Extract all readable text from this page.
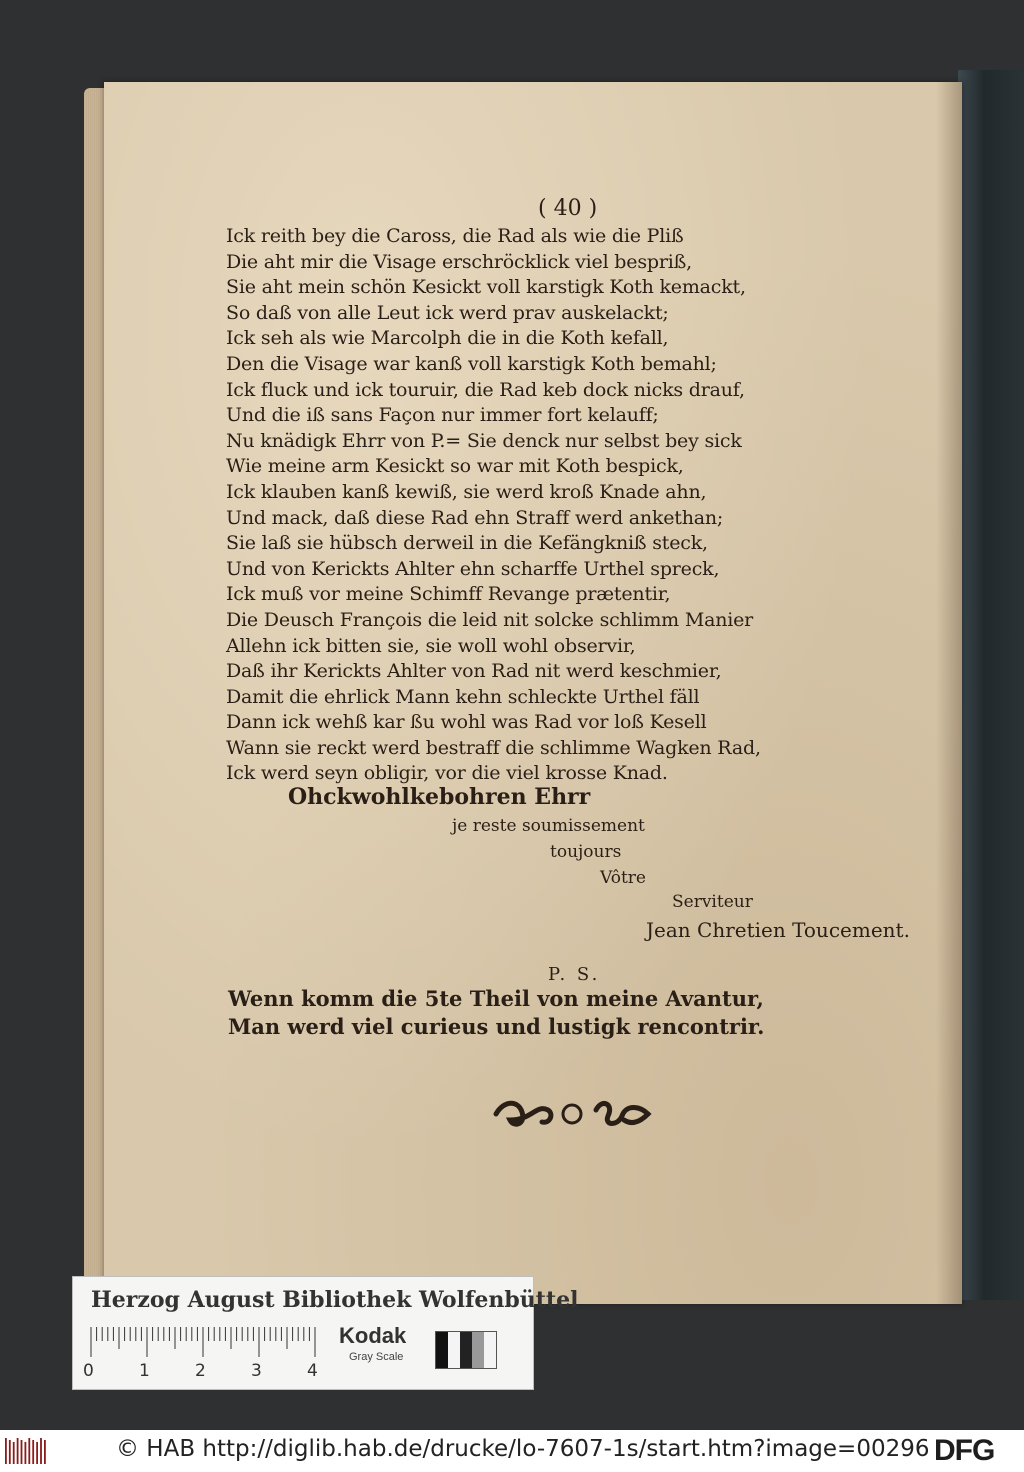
( 40 )
Ick reith bey die Caross, die Rad als wie die Pliß
Die aht mir die Visage erschröcklick viel bespriß,
Sie aht mein schön Kesickt voll karstigk Koth kemackt,
So daß von alle Leut ick werd prav auskelackt;
Ick seh als wie Marcolph die in die Koth kefall,
Den die Visage war kanß voll karstigk Koth bemahl;
Ick fluck und ick touruir, die Rad keb dock nicks drauf,
Und die iß sans Façon nur immer fort kelauff;
Nu knädigk Ehrr von P.= Sie denck nur selbst bey sick
Wie meine arm Kesickt so war mit Koth bespick,
Ick klauben kanß kewiß, sie werd kroß Knade ahn,
Und mack, daß diese Rad ehn Straff werd ankethan;
Sie laß sie hübsch derweil in die Kefängkniß steck,
Und von Kerickts Ahlter ehn scharffe Urthel spreck,
Ick muß vor meine Schimff Revange prætentir,
Die Deusch François die leid nit solcke schlimm Manier
Allehn ick bitten sie, sie woll wohl observir,
Daß ihr Kerickts Ahlter von Rad nit werd keschmier,
Damit die ehrlick Mann kehn schleckte Urthel fäll
Dann ick wehß kar ßu wohl was Rad vor loß Kesell
Wann sie reckt werd bestraff die schlimme Wagken Rad,
Ick werd seyn obligir, vor die viel krosse Knad.
Ohckwohlkebohren Ehrr
je reste soumissement
toujours
Vôtre
Serviteur
Jean Chretien Toucement.
P. S.
Wenn komm die 5te Theil von meine Avantur,
Man werd viel curieus und lustigk rencontrir.
Herzog August Bibliothek Wolfenbüttel
0	1	2	3	4
Kodak
Gray Scale
© HAB http://diglib.hab.de/drucke/lo-7607-1s/start.htm?image=00296 DFG
